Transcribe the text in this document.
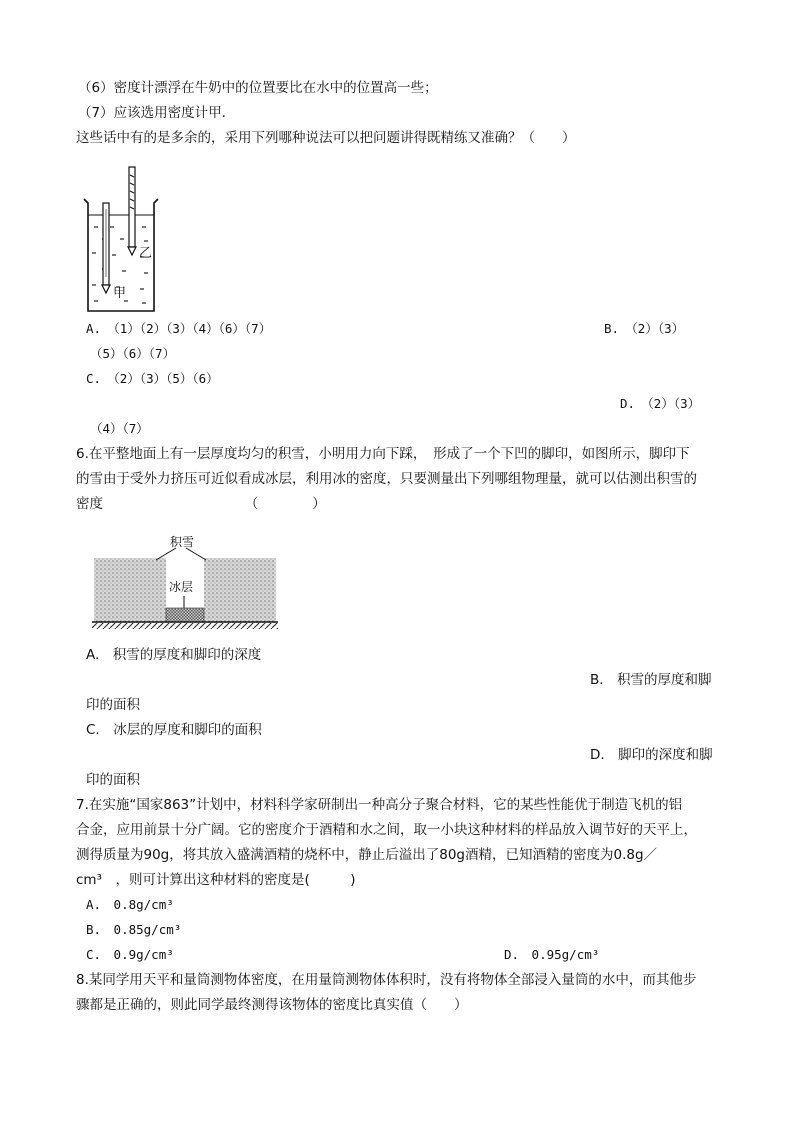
（6）密度计漂浮在牛奶中的位置要比在水中的位置高一些；
（7）应该选用密度计甲．
这些话中有的是多余的，采用下列哪种说法可以把问题讲得既精练又准确？（　　）
乙
甲
A.　（1）（2）（3）（4）（6）（7）	B.　（2）（3）
（5）（6）（7）
C.　（2）（3）（5）（6）
D.　（2）（3）
（4）（7）
6.在平整地面上有一层厚度均匀的积雪，小明用力向下踩，　形成了一个下凹的脚印，如图所示，脚印下
的雪由于受外力挤压可近似看成冰层，利用冰的密度，只要测量出下列哪组物理量，就可以估测出积雪的
密度　　　　　　　　　　　（　　　　）
积雪
冰层
A.　积雪的厚度和脚印的深度
B.　积雪的厚度和脚
印的面积
C.　冰层的厚度和脚印的面积
D.　脚印的深度和脚
印的面积
7.在实施“国家863”计划中，材料科学家研制出一种高分子聚合材料，它的某些性能优于制造飞机的铝
合金，应用前景十分广阔。它的密度介于酒精和水之间，取一小块这种材料的样品放入调节好的天平上，
测得质量为90g，将其放入盛满酒精的烧杯中，静止后溢出了80g酒精，已知酒精的密度为0.8g／
cm³　，则可计算出这种材料的密度是(　　　)
A.　0.8g/cm³
B.　0.85g/cm³
C.　0.9g/cm³	D.　0.95g/cm³
8.某同学用天平和量筒测物体密度，在用量筒测物体体积时，没有将物体全部浸入量筒的水中，而其他步
骤都是正确的，则此同学最终测得该物体的密度比真实值（　　）
